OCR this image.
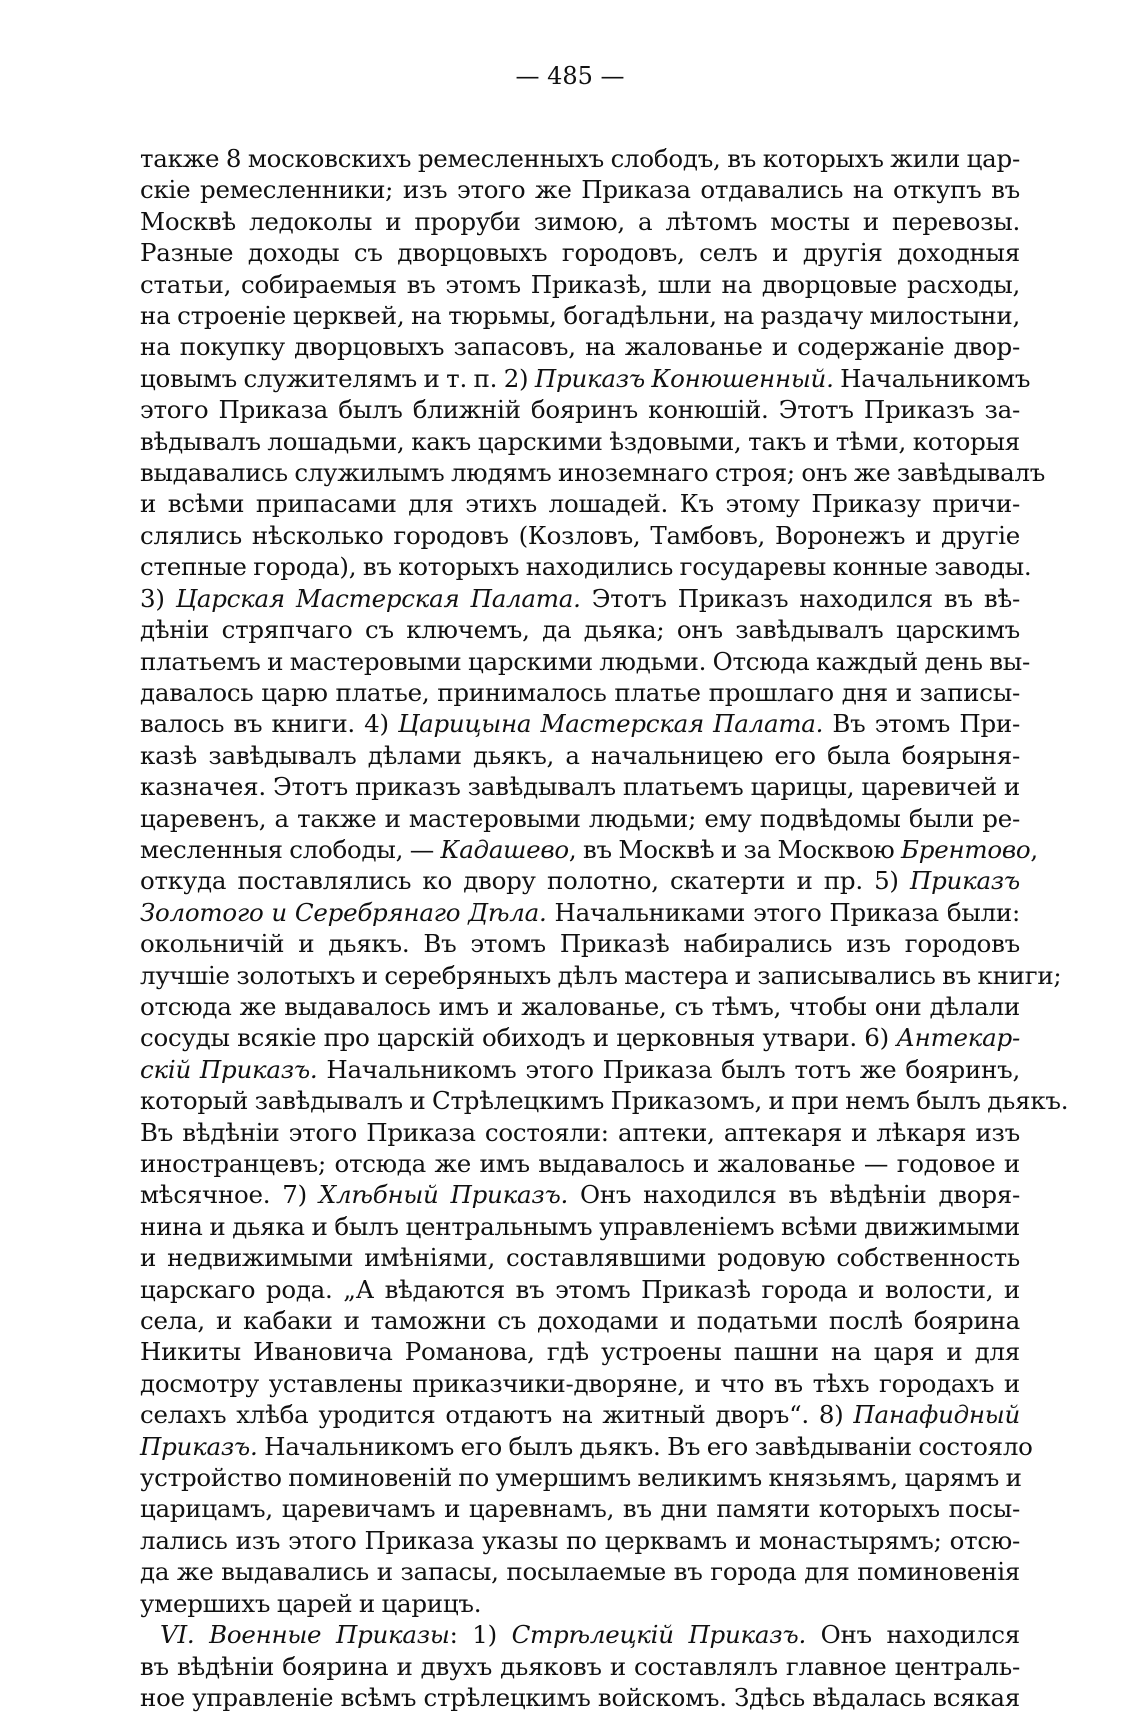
— 485 —
также 8 московскихъ ремесленныхъ слободъ, въ которыхъ жили цар-
скіе ремесленники; изъ этого же Приказа отдавались на откупъ въ
Москвѣ ледоколы и проруби зимою, а лѣтомъ мосты и перевозы.
Разные доходы съ дворцовыхъ городовъ, селъ и другія доходныя
статьи, собираемыя въ этомъ Приказѣ, шли на дворцовые расходы,
на строеніе церквей, на тюрьмы, богадѣльни, на раздачу милостыни,
на покупку дворцовыхъ запасовъ, на жалованье и содержаніе двор-
цовымъ служителямъ и т. п. 2) Приказъ Конюшенный. Начальникомъ
этого Приказа былъ ближній бояринъ конюшій. Этотъ Приказъ за-
вѣдывалъ лошадьми, какъ царскими ѣздовыми, такъ и тѣми, которыя
выдавались служилымъ людямъ иноземнаго строя; онъ же завѣдывалъ
и всѣми припасами для этихъ лошадей. Къ этому Приказу причи-
слялись нѣсколько городовъ (Козловъ, Тамбовъ, Воронежъ и другіе
степные города), въ которыхъ находились государевы конные заводы.
3) Царская Мастерская Палата. Этотъ Приказъ находился въ вѣ-
дѣніи стряпчаго съ ключемъ, да дьяка; онъ завѣдывалъ царскимъ
платьемъ и мастеровыми царскими людьми. Отсюда каждый день вы-
давалось царю платье, принималось платье прошлаго дня и записы-
валось въ книги. 4) Царицына Мастерская Палата. Въ этомъ При-
казѣ завѣдывалъ дѣлами дьякъ, а начальницею его была боярыня-
казначея. Этотъ приказъ завѣдывалъ платьемъ царицы, царевичей и
царевенъ, а также и мастеровыми людьми; ему подвѣдомы были ре-
месленныя слободы, — Кадашево, въ Москвѣ и за Москвою Брентово,
откуда поставлялись ко двору полотно, скатерти и пр. 5) Приказъ
Золотого и Серебрянаго Дѣла. Начальниками этого Приказа были:
окольничій и дьякъ. Въ этомъ Приказѣ набирались изъ городовъ
лучшіе золотыхъ и серебряныхъ дѣлъ мастера и записывались въ книги;
отсюда же выдавалось имъ и жалованье, съ тѣмъ, чтобы они дѣлали
сосуды всякіе про царскій обиходъ и церковныя утвари. 6) Антекар-
скій Приказъ. Начальникомъ этого Приказа былъ тотъ же бояринъ,
который завѣдывалъ и Стрѣлецкимъ Приказомъ, и при немъ былъ дьякъ.
Въ вѣдѣніи этого Приказа состояли: аптеки, аптекаря и лѣкаря изъ
иностранцевъ; отсюда же имъ выдавалось и жалованье — годовое и
мѣсячное. 7) Хлѣбный Приказъ. Онъ находился въ вѣдѣніи дворя-
нина и дьяка и былъ центральнымъ управленіемъ всѣми движимыми
и недвижимыми имѣніями, составлявшими родовую собственность
царскаго рода. „А вѣдаются въ этомъ Приказѣ города и волости, и
села, и кабаки и таможни съ доходами и податьми послѣ боярина
Никиты Ивановича Романова, гдѣ устроены пашни на царя и для
досмотру уставлены приказчики-дворяне, и что въ тѣхъ городахъ и
селахъ хлѣба уродится отдаютъ на житный дворъ“. 8) Панафидный
Приказъ. Начальникомъ его былъ дьякъ. Въ его завѣдываніи состояло
устройство поминовеній по умершимъ великимъ князьямъ, царямъ и
царицамъ, царевичамъ и царевнамъ, въ дни памяти которыхъ посы-
лались изъ этого Приказа указы по церквамъ и монастырямъ; отсю-
да же выдавались и запасы, посылаемые въ города для поминовенія
умершихъ царей и царицъ.
VI. Военные Приказы: 1) Стрѣлецкій Приказъ. Онъ находился
въ вѣдѣніи боярина и двухъ дьяковъ и составлялъ главное централь-
ное управленіе всѣмъ стрѣлецкимъ войскомъ. Здѣсь вѣдалась всякая
